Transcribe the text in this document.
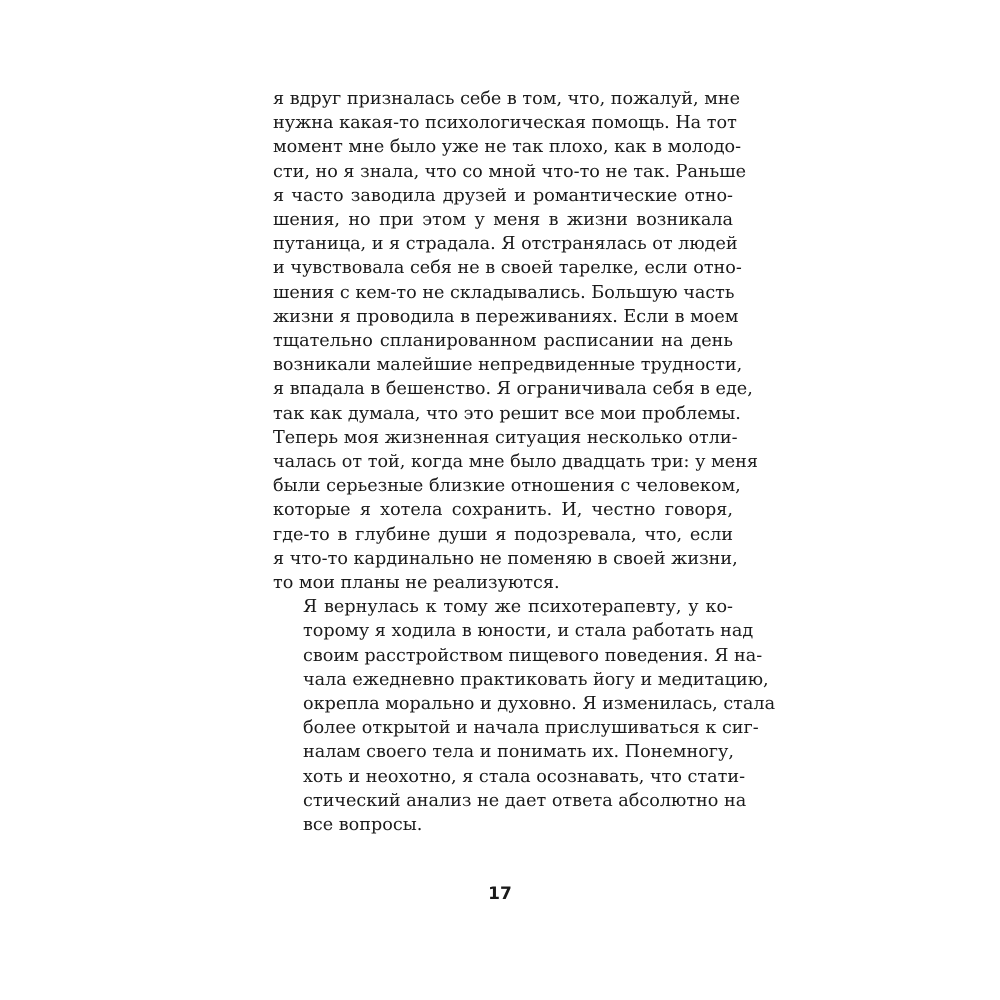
я вдруг призналась себе в том, что, пожалуй, мне
нужна какая-то психологическая помощь. На тот
момент мне было уже не так плохо, как в молодо-
сти, но я знала, что со мной что-то не так. Раньше
я часто заводила друзей и романтические отно-
шения, но при этом у меня в жизни возникала
путаница, и я страдала. Я отстранялась от людей
и чувствовала себя не в своей тарелке, если отно-
шения с кем-то не складывались. Большую часть
жизни я проводила в переживаниях. Если в моем
тщательно спланированном расписании на день
возникали малейшие непредвиденные трудности,
я впадала в бешенство. Я ограничивала себя в еде,
так как думала, что это решит все мои проблемы.
Теперь моя жизненная ситуация несколько отли-
чалась от той, когда мне было двадцать три: у меня
были серьезные близкие отношения с человеком,
которые я хотела сохранить. И, честно говоря,
где-то в глубине души я подозревала, что, если
я что-то кардинально не поменяю в своей жизни,
то мои планы не реализуются.

Я вернулась к тому же психотерапевту, у ко-
торому я ходила в юности, и стала работать над
своим расстройством пищевого поведения. Я на-
чала ежедневно практиковать йогу и медитацию,
окрепла морально и духовно. Я изменилась, стала
более открытой и начала прислушиваться к сиг-
налам своего тела и понимать их. Понемногу,
хоть и неохотно, я стала осознавать, что стати-
стический анализ не дает ответа абсолютно на
все вопросы.

17
